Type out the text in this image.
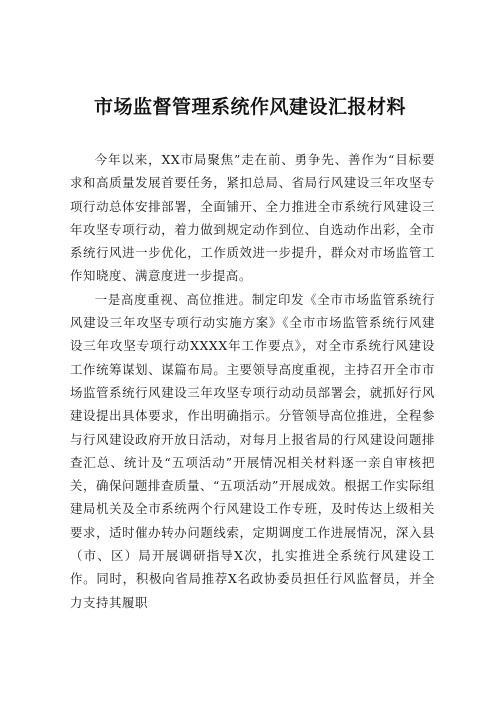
市场监督管理系统作风建设汇报材料

今年以来，XX市局聚焦”走在前、勇争先、善作为“目标要求和高质量发展首要任务，紧扣总局、省局行风建设三年攻坚专项行动总体安排部署，全面铺开、全力推进全市系统行风建设三年攻坚专项行动，着力做到规定动作到位、自选动作出彩，全市系统行风进一步优化，工作质效进一步提升，群众对市场监管工作知晓度、满意度进一步提高。

一是高度重视、高位推进。制定印发《全市市场监管系统行风建设三年攻坚专项行动实施方案》《全市市场监管系统行风建设三年攻坚专项行动XXXX年工作要点》，对全市系统行风建设工作统筹谋划、谋篇布局。主要领导高度重视，主持召开全市市场监管系统行风建设三年攻坚专项行动动员部署会，就抓好行风建设提出具体要求，作出明确指示。分管领导高位推进，全程参与行风建设政府开放日活动，对每月上报省局的行风建设问题排查汇总、统计及“五项活动”开展情况相关材料逐一亲自审核把关，确保问题排查质量、“五项活动”开展成效。根据工作实际组建局机关及全市系统两个行风建设工作专班，及时传达上级相关要求，适时催办转办问题线索，定期调度工作进展情况，深入县（市、区）局开展调研指导X次，扎实推进全系统行风建设工作。同时，积极向省局推荐X名政协委员担任行风监督员，并全力支持其履职
